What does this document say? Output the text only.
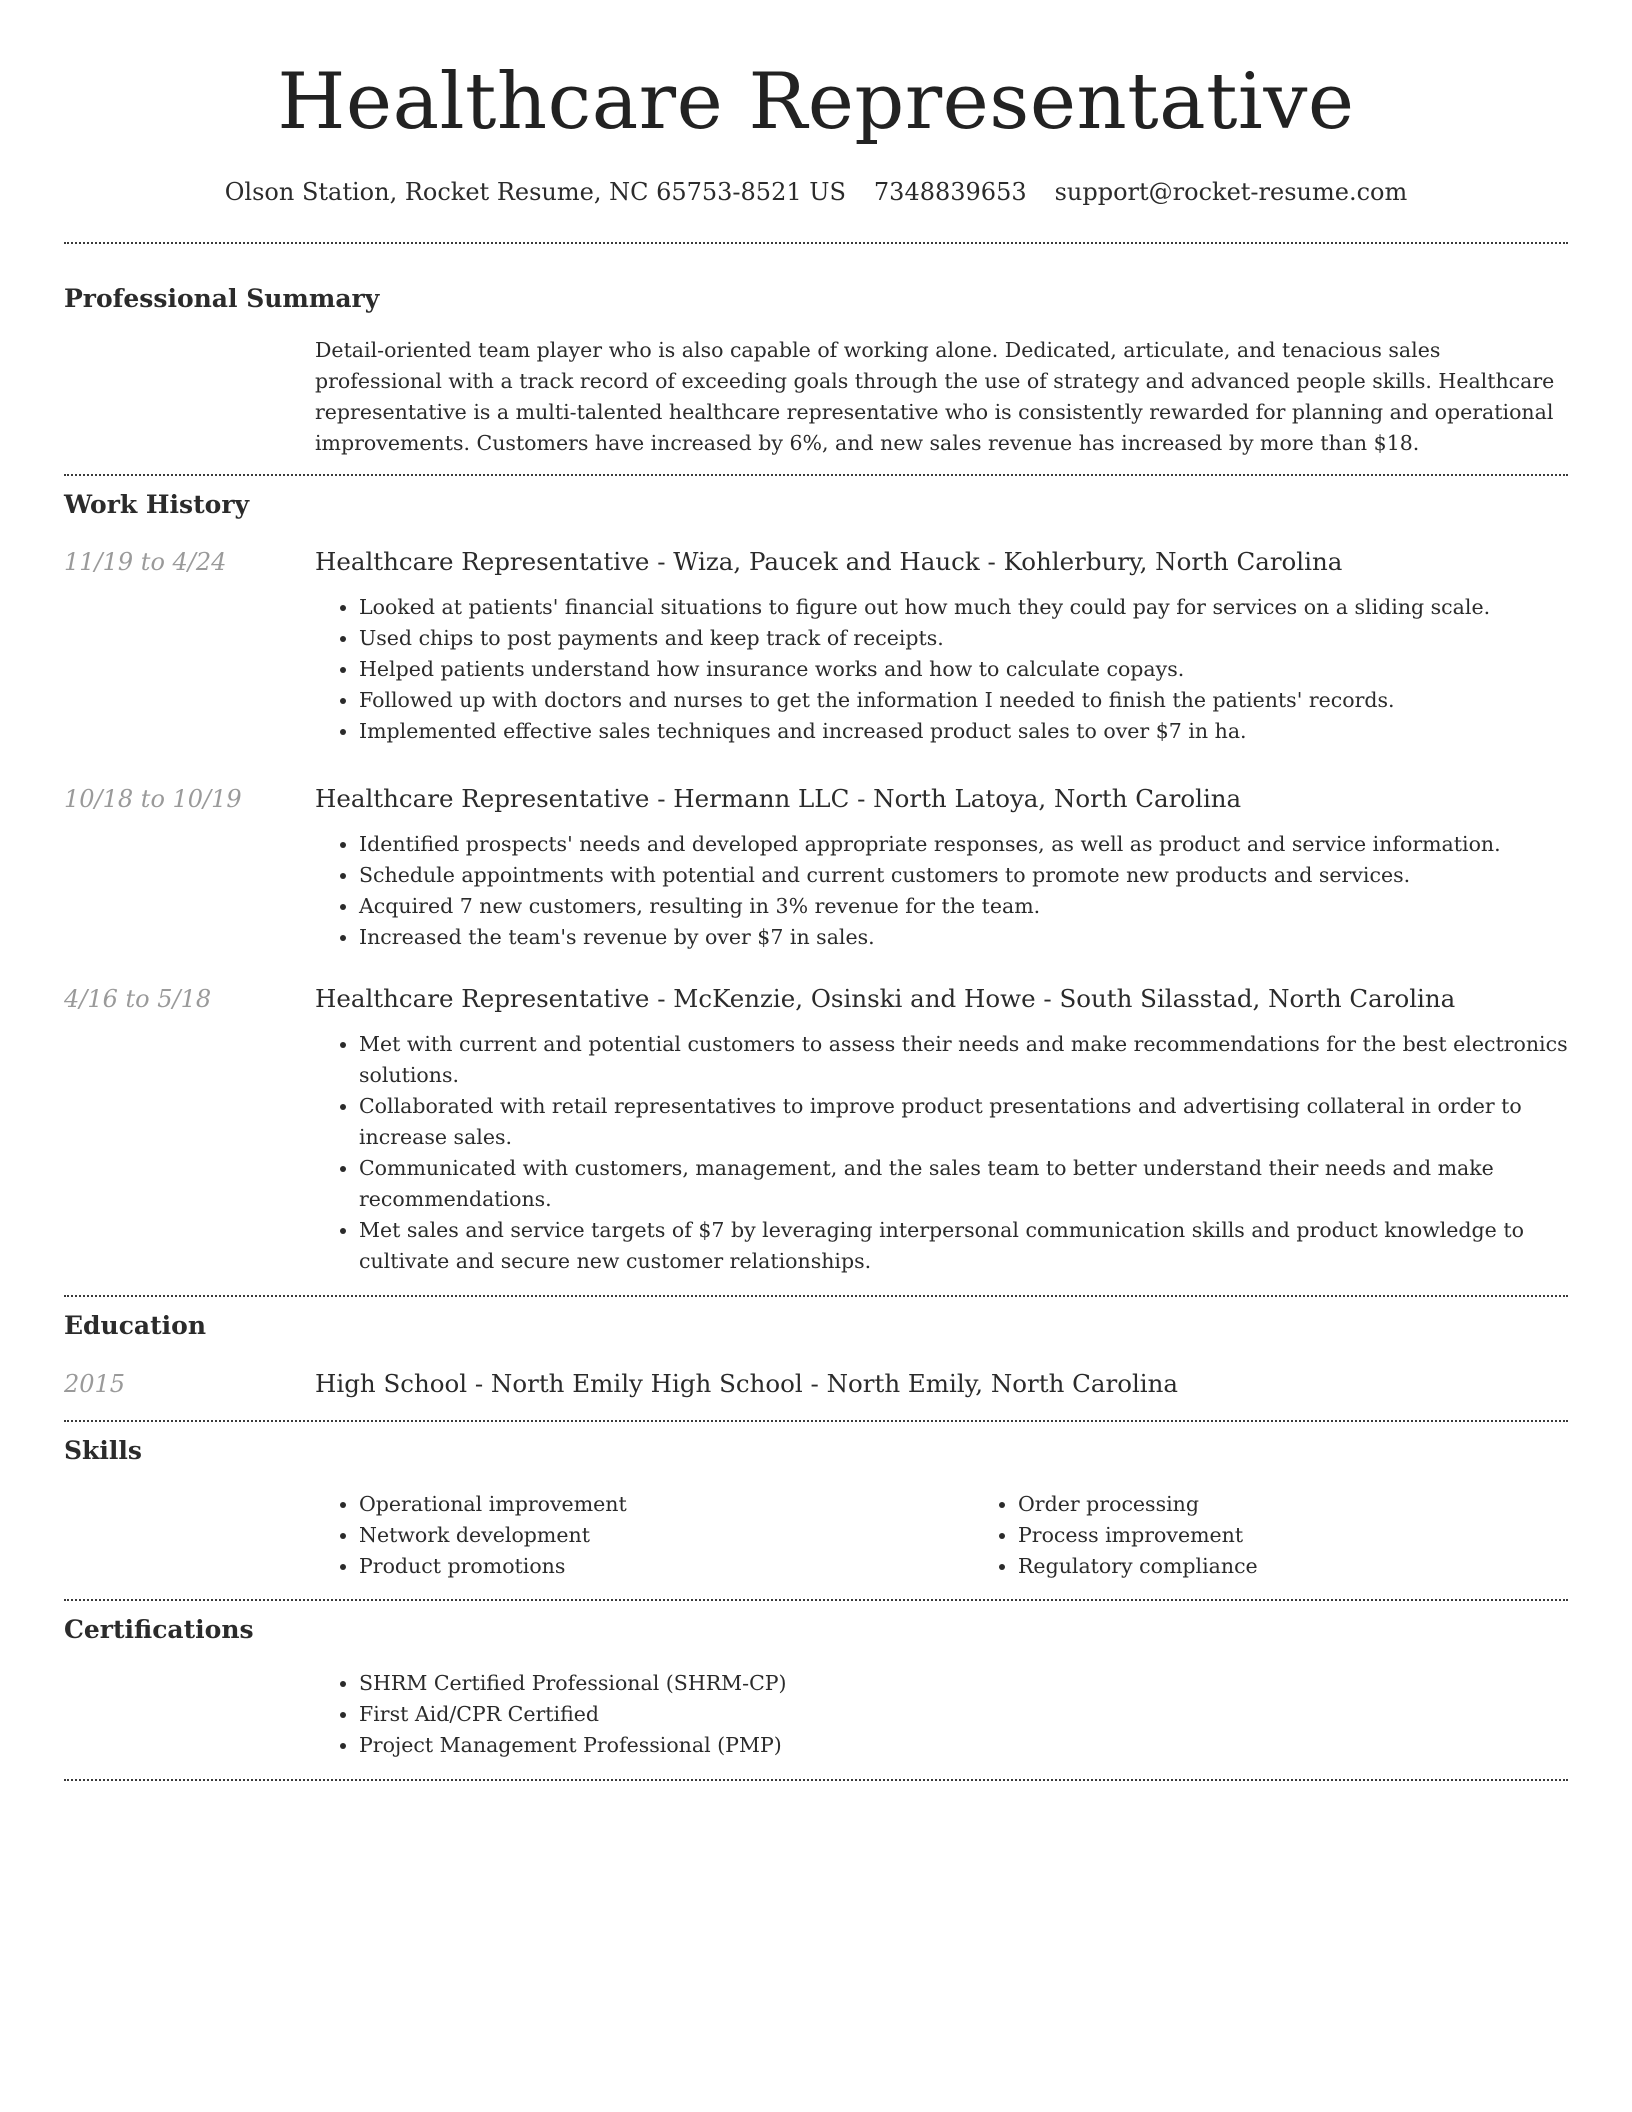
Healthcare Representative
Olson Station, Rocket Resume, NC 65753-8521 US 7348839653 support@rocket-resume.com
Professional Summary

Detail-oriented team player who is also capable of working alone. Dedicated, articulate, and tenacious sales professional with a track record of exceeding goals through the use of strategy and advanced people skills. Healthcare representative is a multi-talented healthcare representative who is consistently rewarded for planning and operational improvements. Customers have increased by 6%, and new sales revenue has increased by more than $18.

Work History
11/19 to 4/24	Healthcare Representative - Wiza, Paucek and Hauck - Kohlerbury, North Carolina

• Looked at patients' financial situations to figure out how much they could pay for services on a sliding scale.
• Used chips to post payments and keep track of receipts.
• Helped patients understand how insurance works and how to calculate copays.
• Followed up with doctors and nurses to get the information I needed to finish the patients' records.
• Implemented effective sales techniques and increased product sales to over $7 in ha.
10/18 to 10/19	Healthcare Representative - Hermann LLC - North Latoya, North Carolina

• Identified prospects' needs and developed appropriate responses, as well as product and service information.
• Schedule appointments with potential and current customers to promote new products and services.
• Acquired 7 new customers, resulting in 3% revenue for the team.
• Increased the team's revenue by over $7 in sales.
4/16 to 5/18	Healthcare Representative - McKenzie, Osinski and Howe - South Silasstad, North Carolina

• Met with current and potential customers to assess their needs and make recommendations for the best electronics solutions.
• Collaborated with retail representatives to improve product presentations and advertising collateral in order to increase sales.
• Communicated with customers, management, and the sales team to better understand their needs and make recommendations.
• Met sales and service targets of $7 by leveraging interpersonal communication skills and product knowledge to cultivate and secure new customer relationships.
Education
2015	High School - North Emily High School - North Emily, North Carolina

Skills
• Operational improvement
• Network development
• Product promotions
• Order processing
• Process improvement
• Regulatory compliance
Certifications
• SHRM Certified Professional (SHRM-CP)
• First Aid/CPR Certified
• Project Management Professional (PMP)
